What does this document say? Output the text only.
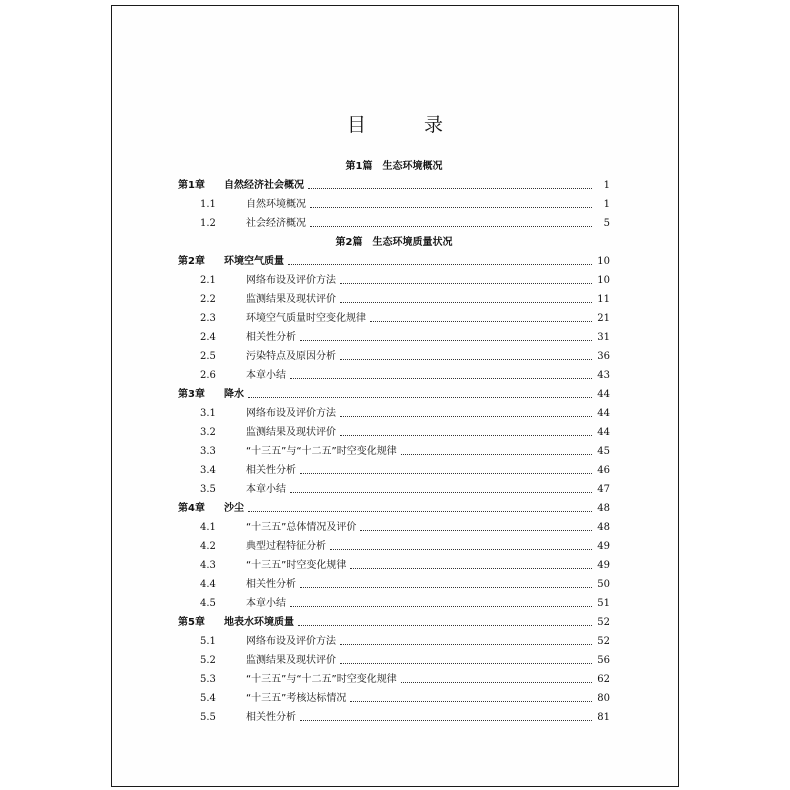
目 录
第1篇 生态环境概况
第1章	自然经济社会概况	1
1.1	自然环境概况	1
1.2	社会经济概况	5
第2篇 生态环境质量状况
第2章	环境空气质量	10
2.1	网络布设及评价方法	10
2.2	监测结果及现状评价	11
2.3	环境空气质量时空变化规律	21
2.4	相关性分析	31
2.5	污染特点及原因分析	36
2.6	本章小结	43
第3章	降水	44
3.1	网络布设及评价方法	44
3.2	监测结果及现状评价	44
3.3	“十三五”与“十二五”时空变化规律	45
3.4	相关性分析	46
3.5	本章小结	47
第4章	沙尘	48
4.1	“十三五”总体情况及评价	48
4.2	典型过程特征分析	49
4.3	“十三五”时空变化规律	49
4.4	相关性分析	50
4.5	本章小结	51
第5章	地表水环境质量	52
5.1	网络布设及评价方法	52
5.2	监测结果及现状评价	56
5.3	“十三五”与“十二五”时空变化规律	62
5.4	“十三五”考核达标情况	80
5.5	相关性分析	81
